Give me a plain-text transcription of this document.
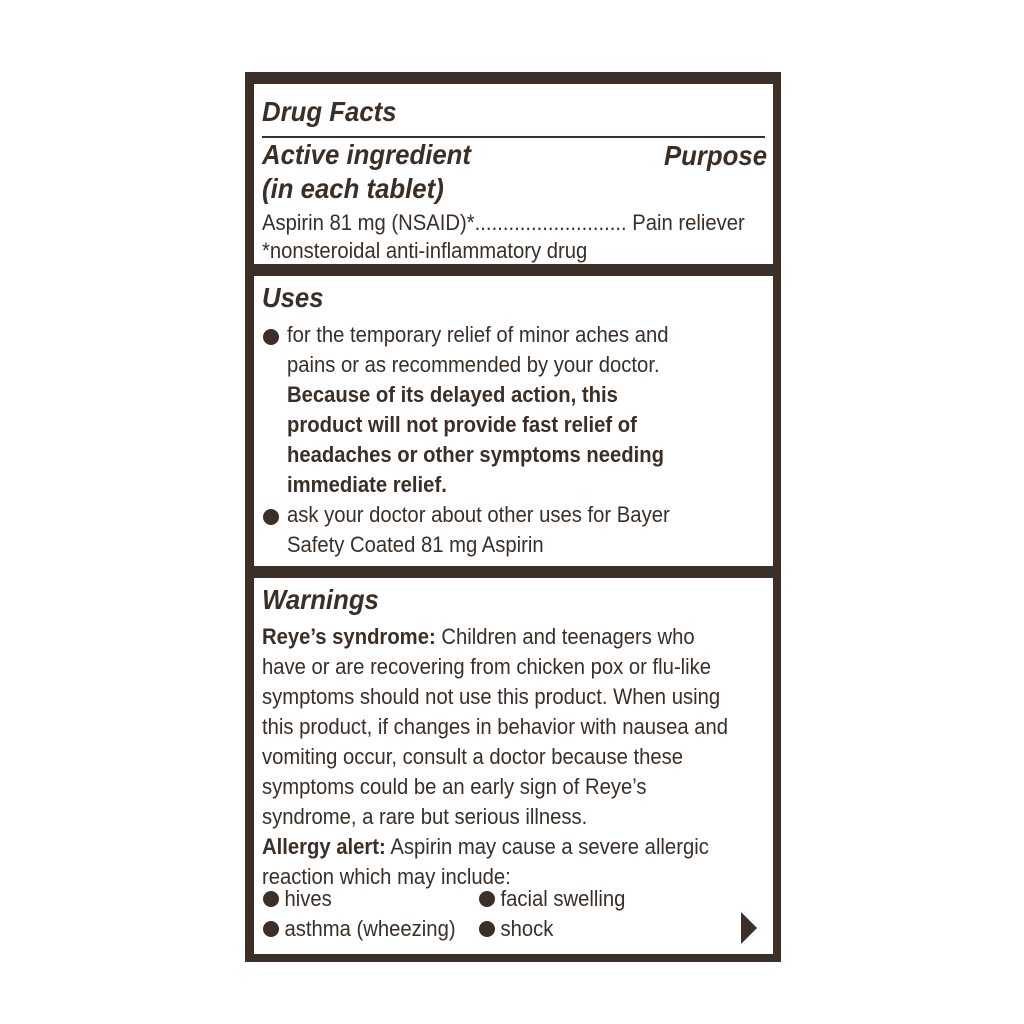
Drug Facts
Active ingredient
(in each tablet)
Purpose
Aspirin 81 mg (NSAID)*........................... Pain reliever
*nonsteroidal anti-inflammatory drug
Uses
for the temporary relief of minor aches and
pains or as recommended by your doctor.
Because of its delayed action, this
product will not provide fast relief of
headaches or other symptoms needing
immediate relief.
ask your doctor about other uses for Bayer
Safety Coated 81 mg Aspirin
Warnings
Reye’s syndrome: Children and teenagers who
have or are recovering from chicken pox or flu-like
symptoms should not use this product. When using
this product, if changes in behavior with nausea and
vomiting occur, consult a doctor because these
symptoms could be an early sign of Reye’s
syndrome, a rare but serious illness.
Allergy alert: Aspirin may cause a severe allergic
reaction which may include:
hives	facial swelling
asthma (wheezing)	shock
